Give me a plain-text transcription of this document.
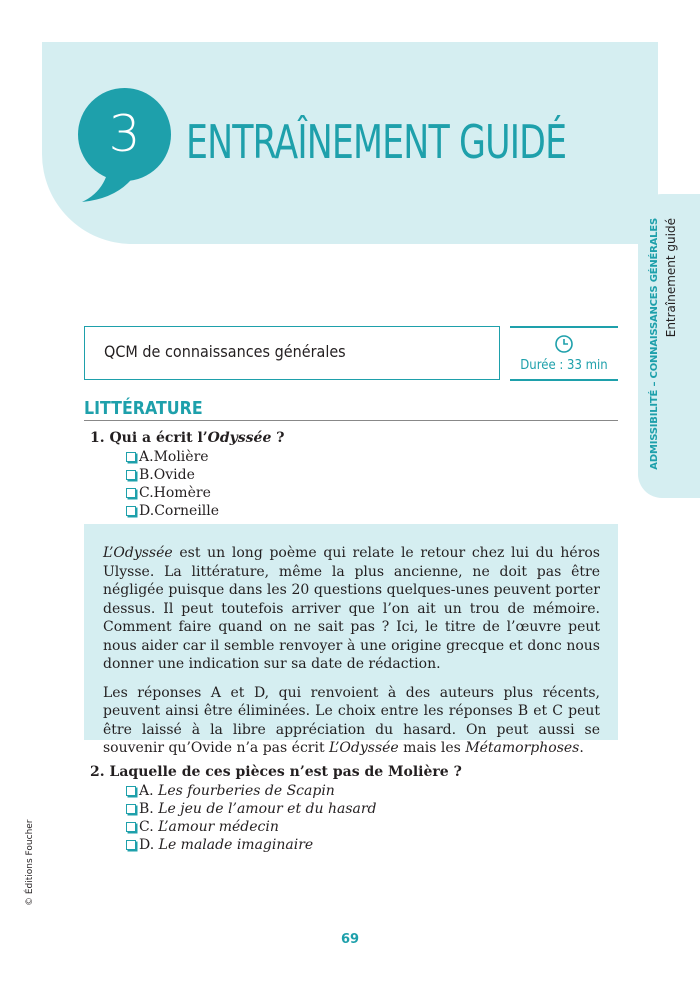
3 ENTRAÎNEMENT GUIDÉ
ADMISSIBILITÉ – CONNAISSANCES GÉNÉRALES Entraînement guidé
QCM de connaissances générales
Durée : 33 min
LITTÉRATURE
1. Qui a écrit l’Odyssée ?
A. Molière
B. Ovide
C. Homère
D. Corneille

L’Odyssée est un long poème qui relate le retour chez lui du héros Ulysse. La littérature, même la plus ancienne, ne doit pas être négligée puisque dans les 20 questions quelques-unes peuvent porter dessus. Il peut toutefois arriver que l’on ait un trou de mémoire. Comment faire quand on ne sait pas ? Ici, le titre de l’œuvre peut nous aider car il semble renvoyer à une origine grecque et donc nous donner une indication sur sa date de rédaction.

Les réponses A et D, qui renvoient à des auteurs plus récents, peuvent ainsi être éliminées. Le choix entre les réponses B et C peut être laissé à la libre appréciation du hasard. On peut aussi se souvenir qu’Ovide n’a pas écrit L’Odyssée mais les Métamorphoses.

2. Laquelle de ces pièces n’est pas de Molière ?
A.
Les fourberies de Scapin
B.
Le jeu de l’amour et du hasard
C.
L’amour médecin
D.
Le malade imaginaire
69
© Éditions Foucher
